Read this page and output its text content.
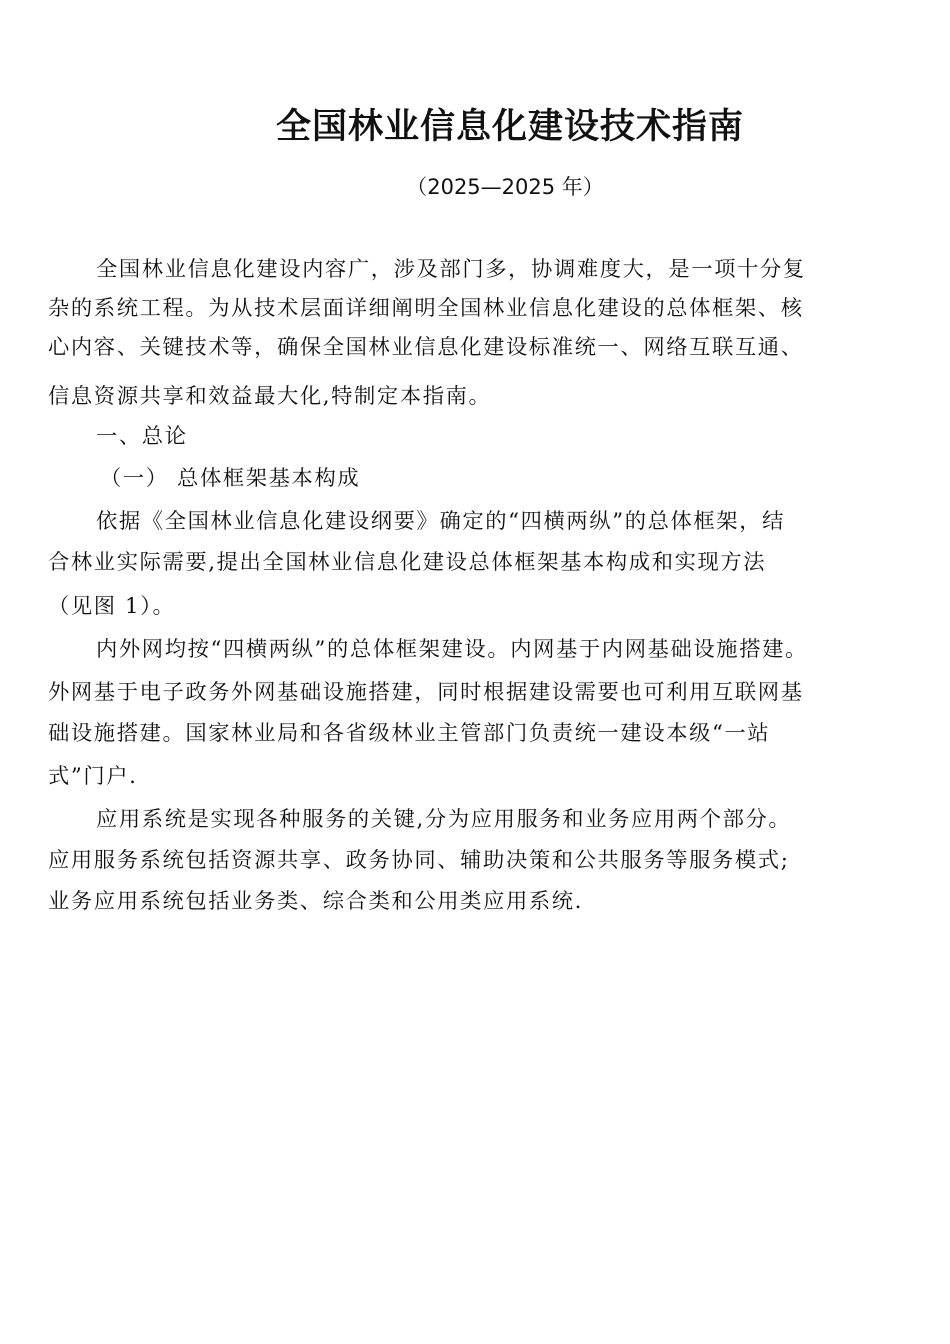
全国林业信息化建设技术指南
（2025—2025 年）
全国林业信息化建设内容广，涉及部门多，协调难度大，是一项十分复
杂的系统工程。为从技术层面详细阐明全国林业信息化建设的总体框架、核
心内容、关键技术等，确保全国林业信息化建设标准统一、网络互联互通、
信息资源共享和效益最大化,特制定本指南。
一、总论
（一） 总体框架基本构成
依据《全国林业信息化建设纲要》确定的“四横两纵”的总体框架，结
合林业实际需要,提出全国林业信息化建设总体框架基本构成和实现方法
（见图 1）。
内外网均按“四横两纵”的总体框架建设。内网基于内网基础设施搭建。
外网基于电子政务外网基础设施搭建，同时根据建设需要也可利用互联网基
础设施搭建。国家林业局和各省级林业主管部门负责统一建设本级“一站
式”门户.
应用系统是实现各种服务的关键,分为应用服务和业务应用两个部分。
应用服务系统包括资源共享、政务协同、辅助决策和公共服务等服务模式;
业务应用系统包括业务类、综合类和公用类应用系统.
